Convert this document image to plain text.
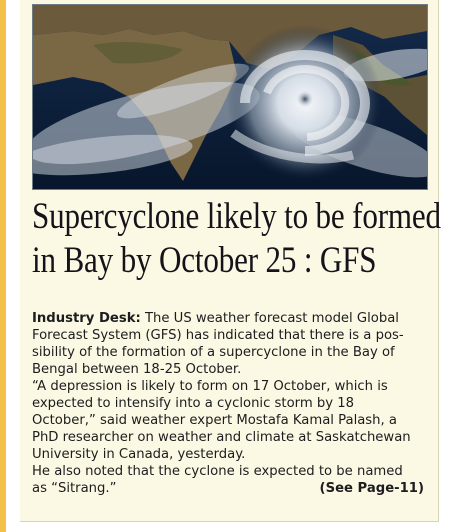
Supercyclone likely to be formed
in Bay by October 25 : GFS
Industry Desk: The US weather forecast model Global
Forecast System (GFS) has indicated that there is a pos-
sibility of the formation of a supercyclone in the Bay of
Bengal between 18-25 October.
“A depression is likely to form on 17 October, which is
expected to intensify into a cyclonic storm by 18
October,” said weather expert Mostafa Kamal Palash, a
PhD researcher on weather and climate at Saskatchewan
University in Canada, yesterday.
He also noted that the cyclone is expected to be named
as “Sitrang.”	(See Page-11)
